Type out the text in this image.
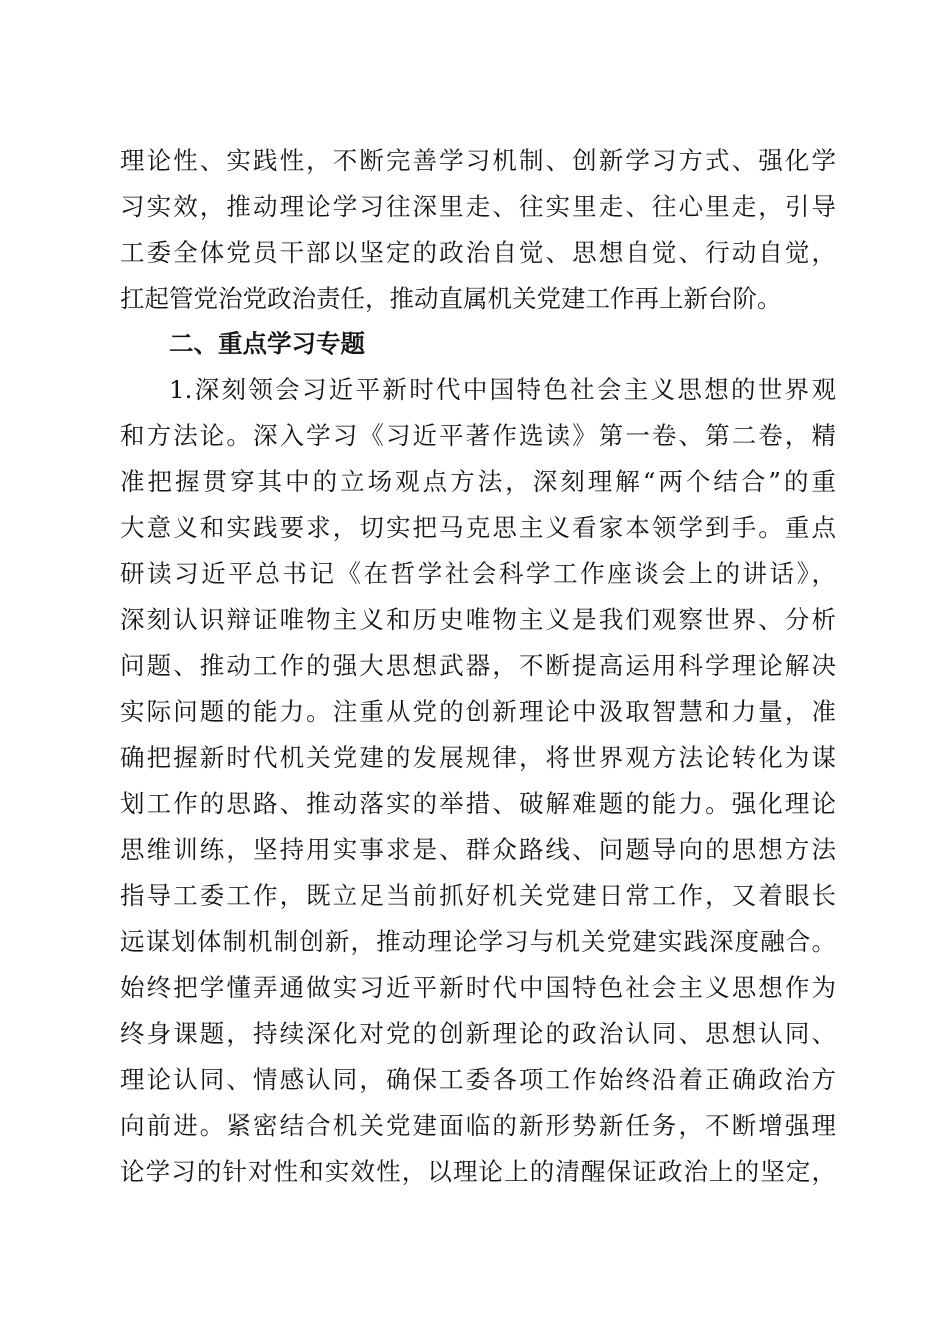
理论性、实践性，不断完善学习机制、创新学习方式、强化学

习实效，推动理论学习往深里走、往实里走、往心里走，引导

工委全体党员干部以坚定的政治自觉、思想自觉、行动自觉，

扛起管党治党政治责任，推动直属机关党建工作再上新台阶。

二、重点学习专题

1.深刻领会习近平新时代中国特色社会主义思想的世界观

和方法论。深入学习《习近平著作选读》第一卷、第二卷，精

准把握贯穿其中的立场观点方法，深刻理解“两个结合”的重

大意义和实践要求，切实把马克思主义看家本领学到手。重点

研读习近平总书记《在哲学社会科学工作座谈会上的讲话》，

深刻认识辩证唯物主义和历史唯物主义是我们观察世界、分析

问题、推动工作的强大思想武器，不断提高运用科学理论解决

实际问题的能力。注重从党的创新理论中汲取智慧和力量，准

确把握新时代机关党建的发展规律，将世界观方法论转化为谋

划工作的思路、推动落实的举措、破解难题的能力。强化理论

思维训练，坚持用实事求是、群众路线、问题导向的思想方法

指导工委工作，既立足当前抓好机关党建日常工作，又着眼长

远谋划体制机制创新，推动理论学习与机关党建实践深度融合。

始终把学懂弄通做实习近平新时代中国特色社会主义思想作为

终身课题，持续深化对党的创新理论的政治认同、思想认同、

理论认同、情感认同，确保工委各项工作始终沿着正确政治方

向前进。紧密结合机关党建面临的新形势新任务，不断增强理

论学习的针对性和实效性，以理论上的清醒保证政治上的坚定，
